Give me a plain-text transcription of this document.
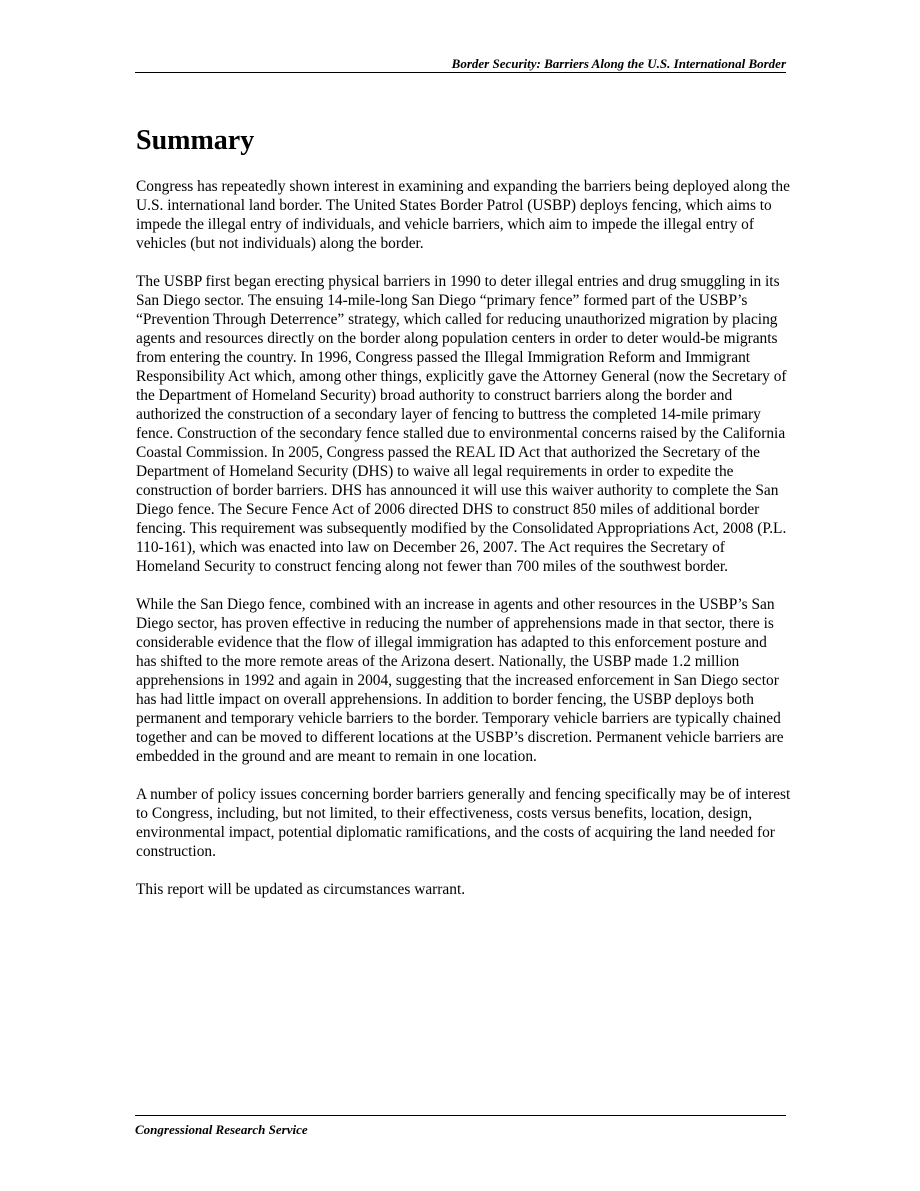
Border Security: Barriers Along the U.S. International Border
Summary

Congress has repeatedly shown interest in examining and expanding the barriers being deployed along the U.S. international land border. The United States Border Patrol (USBP) deploys fencing, which aims to impede the illegal entry of individuals, and vehicle barriers, which aim to impede the illegal entry of vehicles (but not individuals) along the border.

The USBP first began erecting physical barriers in 1990 to deter illegal entries and drug smuggling in its San Diego sector. The ensuing 14-mile-long San Diego “primary fence” formed part of the USBP’s “Prevention Through Deterrence” strategy, which called for reducing unauthorized migration by placing agents and resources directly on the border along population centers in order to deter would-be migrants from entering the country. In 1996, Congress passed the Illegal Immigration Reform and Immigrant Responsibility Act which, among other things, explicitly gave the Attorney General (now the Secretary of the Department of Homeland Security) broad authority to construct barriers along the border and authorized the construction of a secondary layer of fencing to buttress the completed 14-mile primary fence. Construction of the secondary fence stalled due to environmental concerns raised by the California Coastal Commission. In 2005, Congress passed the REAL ID Act that authorized the Secretary of the Department of Homeland Security (DHS) to waive all legal requirements in order to expedite the construction of border barriers. DHS has announced it will use this waiver authority to complete the San Diego fence. The Secure Fence Act of 2006 directed DHS to construct 850 miles of additional border fencing. This requirement was subsequently modified by the Consolidated Appropriations Act, 2008 (P.L. 110-161), which was enacted into law on December 26, 2007. The Act requires the Secretary of Homeland Security to construct fencing along not fewer than 700 miles of the southwest border.

While the San Diego fence, combined with an increase in agents and other resources in the USBP’s San Diego sector, has proven effective in reducing the number of apprehensions made in that sector, there is considerable evidence that the flow of illegal immigration has adapted to this enforcement posture and has shifted to the more remote areas of the Arizona desert. Nationally, the USBP made 1.2 million apprehensions in 1992 and again in 2004, suggesting that the increased enforcement in San Diego sector has had little impact on overall apprehensions. In addition to border fencing, the USBP deploys both permanent and temporary vehicle barriers to the border. Temporary vehicle barriers are typically chained together and can be moved to different locations at the USBP’s discretion. Permanent vehicle barriers are embedded in the ground and are meant to remain in one location.

A number of policy issues concerning border barriers generally and fencing specifically may be of interest to Congress, including, but not limited, to their effectiveness, costs versus benefits, location, design, environmental impact, potential diplomatic ramifications, and the costs of acquiring the land needed for construction.

This report will be updated as circumstances warrant.

Congressional Research Service
